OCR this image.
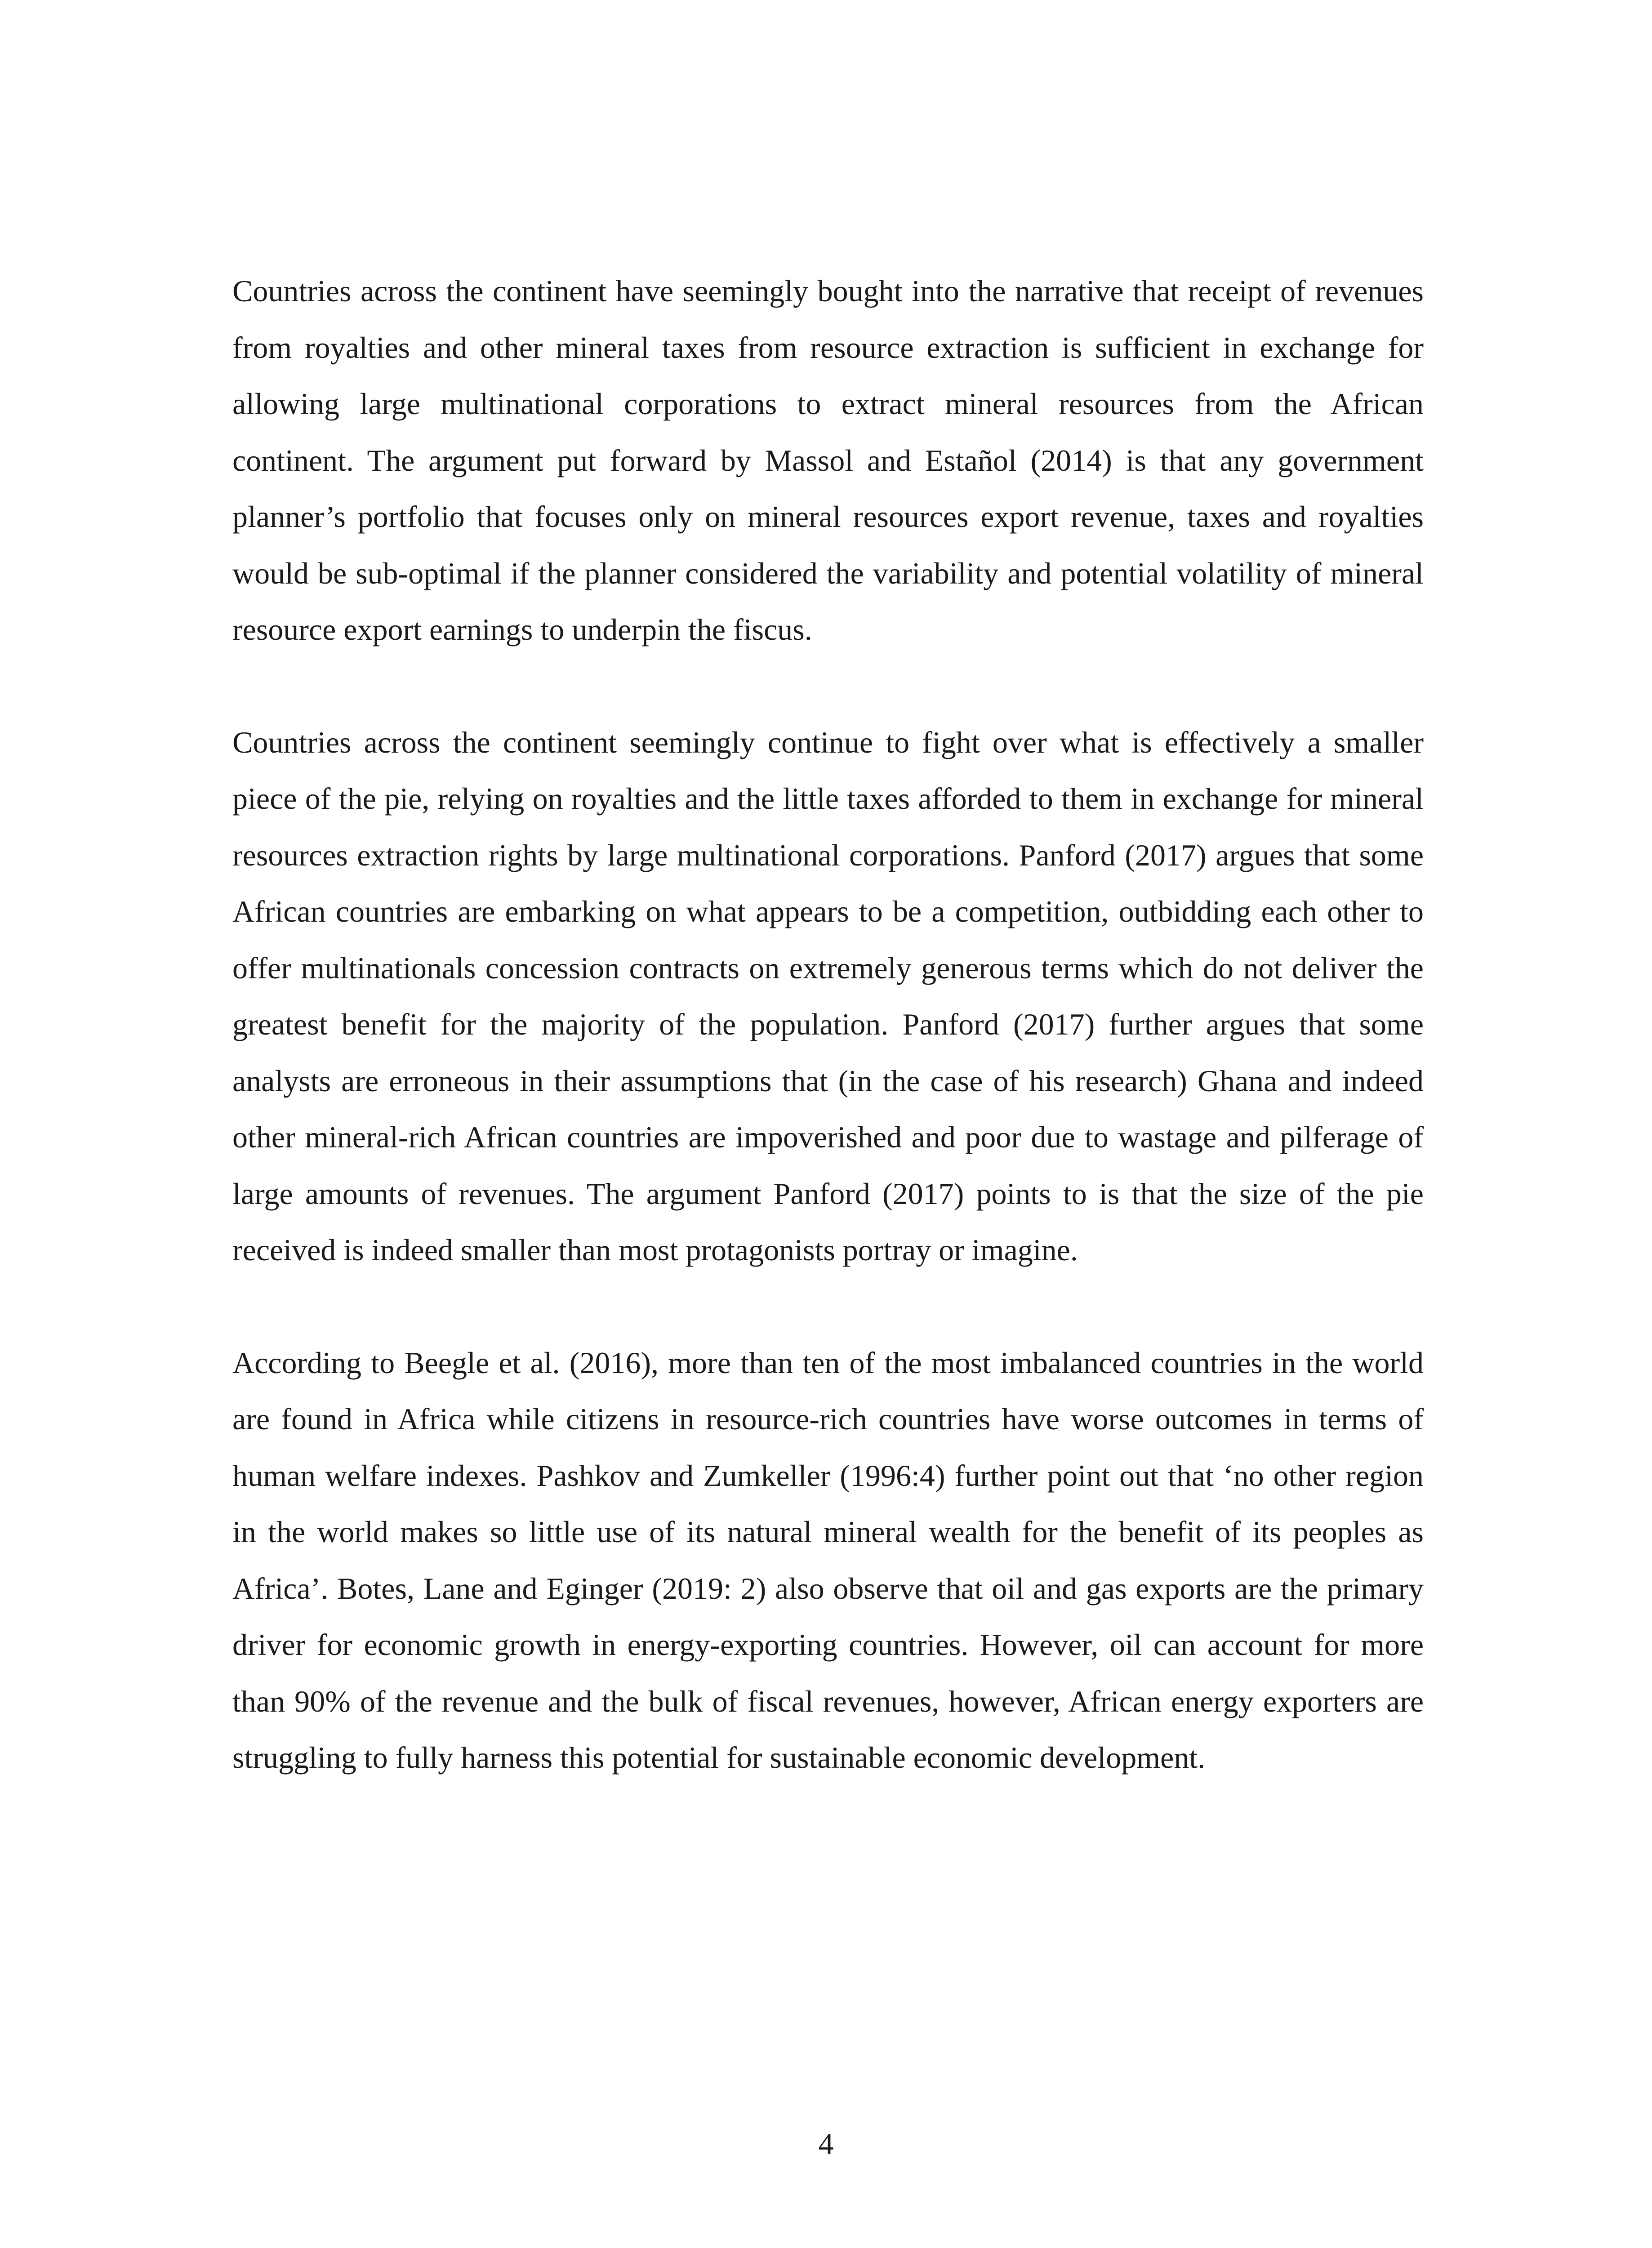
Countries across the continent have seemingly bought into the narrative that receipt of revenues from royalties and other mineral taxes from resource extraction is sufficient in exchange for allowing large multinational corporations to extract mineral resources from the African continent. The argument put forward by Massol and Estañol (2014) is that any government planner’s portfolio that focuses only on mineral resources export revenue, taxes and royalties would be sub-optimal if the planner considered the variability and potential volatility of mineral resource export earnings to underpin the fiscus.

Countries across the continent seemingly continue to fight over what is effectively a smaller piece of the pie, relying on royalties and the little taxes afforded to them in exchange for mineral resources extraction rights by large multinational corporations. Panford (2017) argues that some African countries are embarking on what appears to be a competition, outbidding each other to offer multinationals concession contracts on extremely generous terms which do not deliver the greatest benefit for the majority of the population. Panford (2017) further argues that some analysts are erroneous in their assumptions that (in the case of his research) Ghana and indeed other mineral-rich African countries are impoverished and poor due to wastage and pilferage of large amounts of revenues. The argument Panford (2017) points to is that the size of the pie received is indeed smaller than most protagonists portray or imagine.

According to Beegle et al. (2016), more than ten of the most imbalanced countries in the world are found in Africa while citizens in resource-rich countries have worse outcomes in terms of human welfare indexes. Pashkov and Zumkeller (1996:4) further point out that ‘no other region in the world makes so little use of its natural mineral wealth for the benefit of its peoples as Africa’. Botes, Lane and Eginger (2019: 2) also observe that oil and gas exports are the primary driver for economic growth in energy-exporting countries. However, oil can account for more than 90% of the revenue and the bulk of fiscal revenues, however, African energy exporters are struggling to fully harness this potential for sustainable economic development.

4
